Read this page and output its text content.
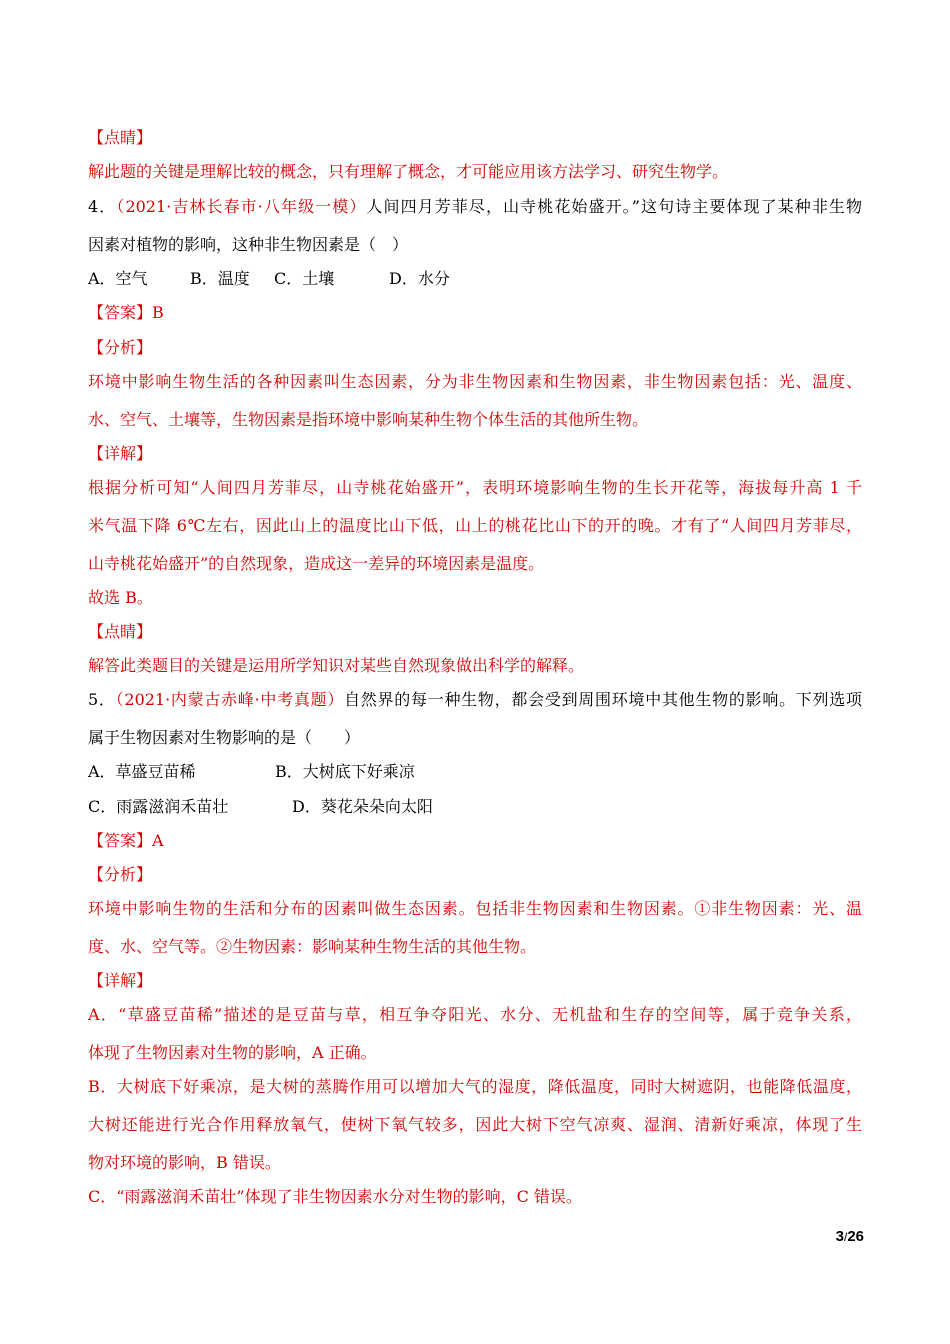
【点睛】
解此题的关键是理解比较的概念，只有理解了概念，才可能应用该方法学习、研究生物学。
4．（2021·吉林长春市·八年级一模）人间四月芳菲尽，山寺桃花始盛开。”这句诗主要体现了某种非生物
因素对植物的影响，这种非生物因素是（　）
A．空气	B．温度 C．土壤	D．水分
【答案】B
【分析】
环境中影响生物生活的各种因素叫生态因素，分为非生物因素和生物因素，非生物因素包括：光、温度、
水、空气、土壤等，生物因素是指环境中影响某种生物个体生活的其他所生物。
【详解】
根据分析可知“人间四月芳菲尽，山寺桃花始盛开”，表明环境影响生物的生长开花等，海拔每升高 1 千
米气温下降 6℃左右，因此山上的温度比山下低，山上的桃花比山下的开的晚。才有了“人间四月芳菲尽，
山寺桃花始盛开”的自然现象，造成这一差异的环境因素是温度。
故选 B。
【点睛】
解答此类题目的关键是运用所学知识对某些自然现象做出科学的解释。
5．（2021·内蒙古赤峰·中考真题）自然界的每一种生物，都会受到周围环境中其他生物的影响。下列选项
属于生物因素对生物影响的是（　　）
A．草盛豆苗稀	B．大树底下好乘凉
C．雨露滋润禾苗壮	D．葵花朵朵向太阳
【答案】A
【分析】
环境中影响生物的生活和分布的因素叫做生态因素。包括非生物因素和生物因素。①非生物因素：光、温
度、水、空气等。②生物因素：影响某种生物生活的其他生物。
【详解】
A．“草盛豆苗稀”描述的是豆苗与草，相互争夺阳光、水分、无机盐和生存的空间等，属于竞争关系，
体现了生物因素对生物的影响，A 正确。
B．大树底下好乘凉，是大树的蒸腾作用可以增加大气的湿度，降低温度，同时大树遮阴，也能降低温度，
大树还能进行光合作用释放氧气，使树下氧气较多，因此大树下空气凉爽、湿润、清新好乘凉，体现了生
物对环境的影响，B 错误。
C．“雨露滋润禾苗壮”体现了非生物因素水分对生物的影响，C 错误。
3/26
